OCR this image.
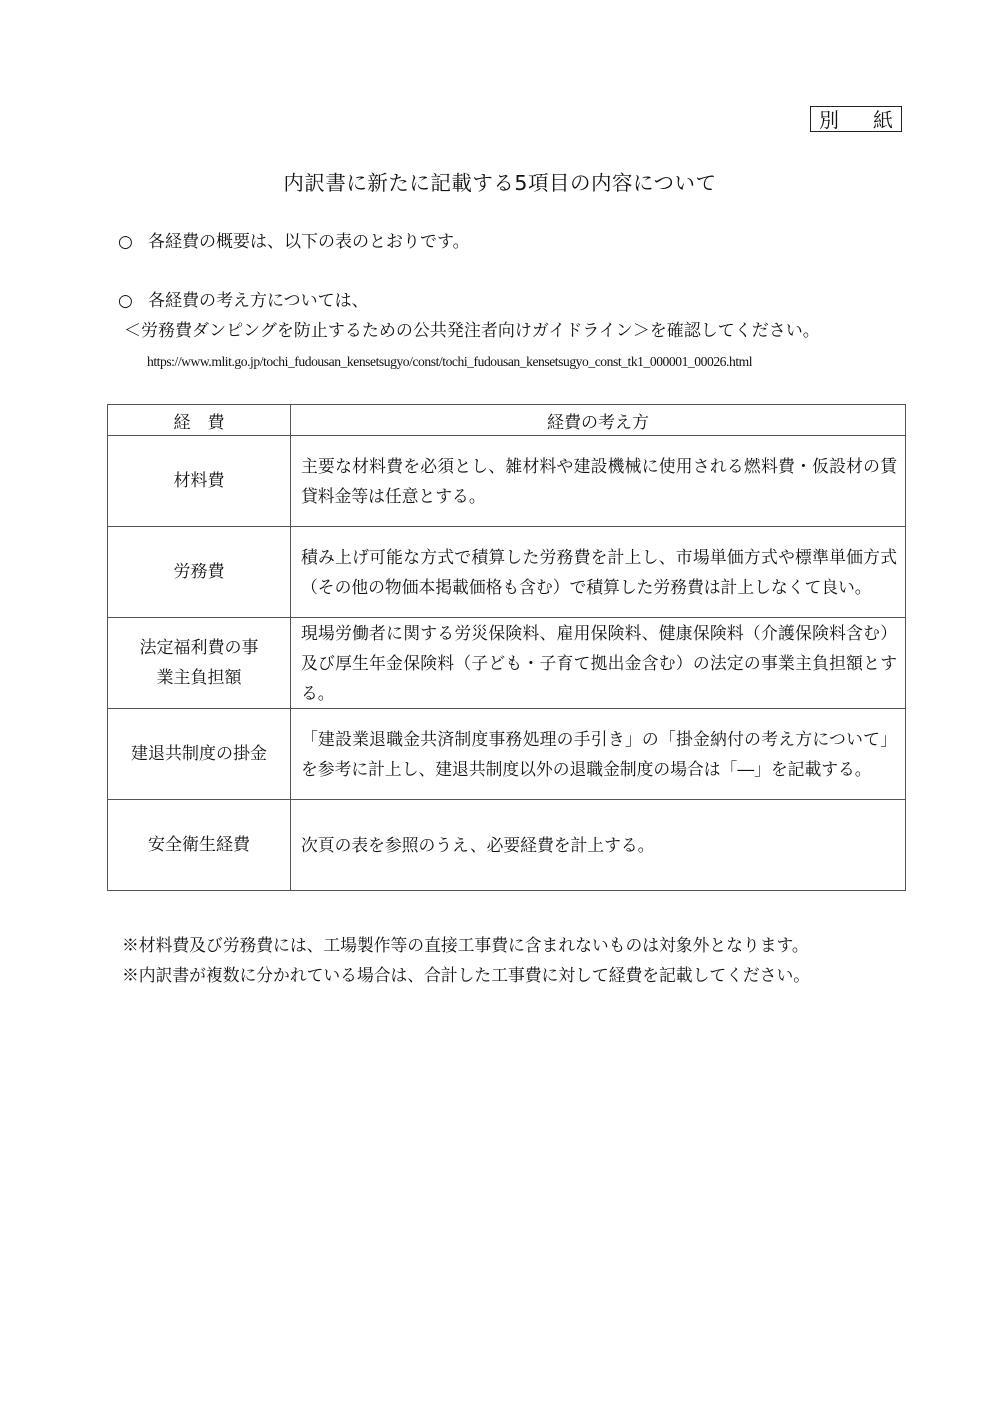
別 紙
内訳書に新たに記載する5項目の内容について
○ 各経費の概要は、以下の表のとおりです。
○ 各経費の考え方については、
＜労務費ダンピングを防止するための公共発注者向けガイドライン＞を確認してください。
https://www.mlit.go.jp/tochi_fudousan_kensetsugyo/const/tochi_fudousan_kensetsugyo_const_tk1_000001_00026.html
経　費	経費の考え方
材料費	主要な材料費を必須とし、雑材料や建設機械に使用される燃料費・仮設材の賃貸料金等は任意とする。
労務費	積み上げ可能な方式で積算した労務費を計上し、市場単価方式や標準単価方式（その他の物価本掲載価格も含む）で積算した労務費は計上しなくて良い。
法定福利費の事業主負担額	現場労働者に関する労災保険料、雇用保険料、健康保険料（介護保険料含む）及び厚生年金保険料（子ども・子育て拠出金含む）の法定の事業主負担額とする。
建退共制度の掛金	「建設業退職金共済制度事務処理の手引き」の「掛金納付の考え方について」を参考に計上し、建退共制度以外の退職金制度の場合は「―」を記載する。
安全衛生経費	次頁の表を参照のうえ、必要経費を計上する。
※材料費及び労務費には、工場製作等の直接工事費に含まれないものは対象外となります。
※内訳書が複数に分かれている場合は、合計した工事費に対して経費を記載してください。
